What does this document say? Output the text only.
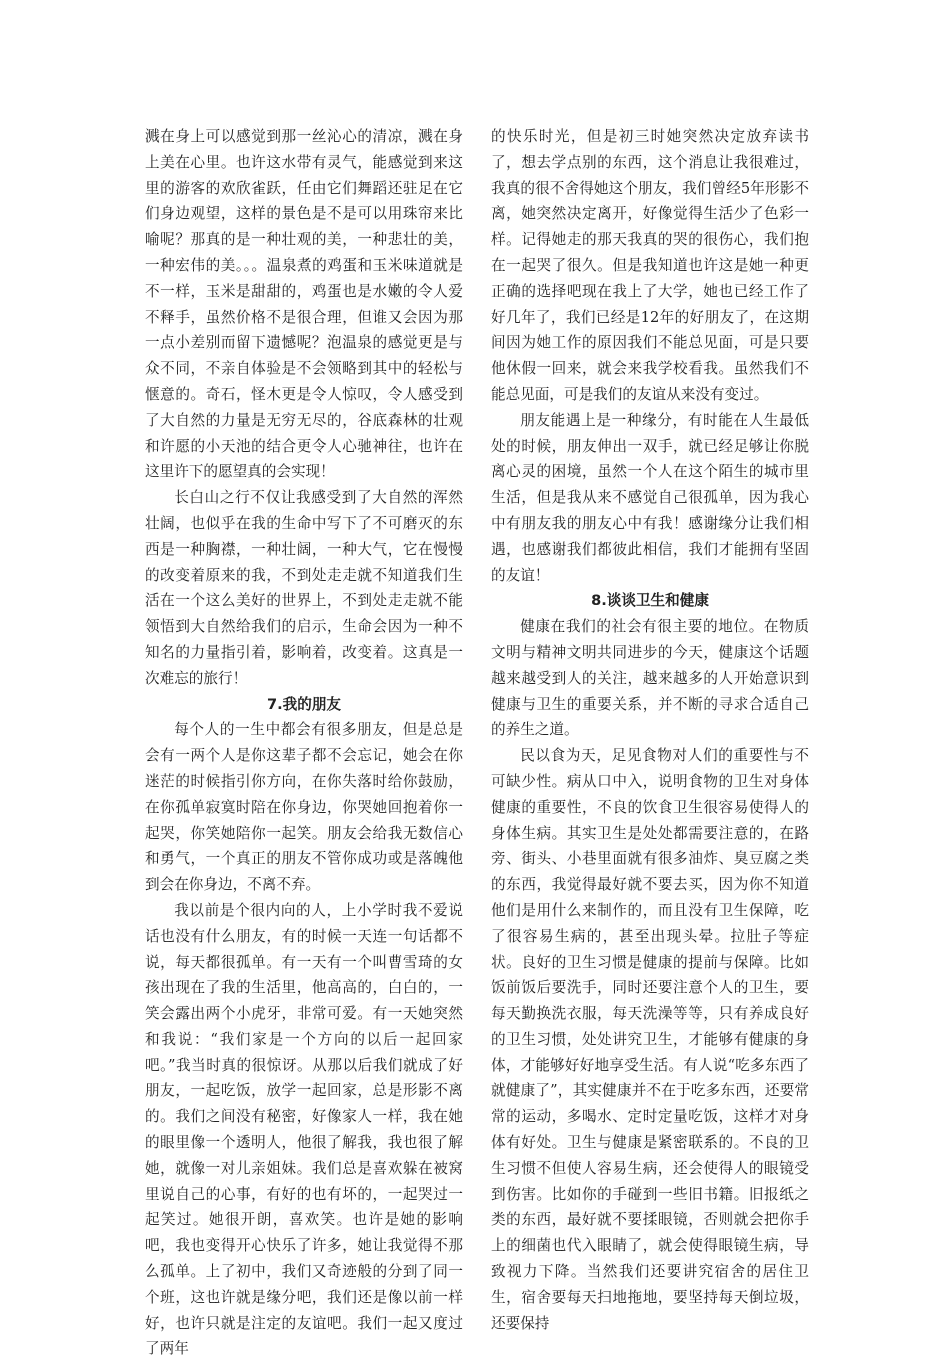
溅在身上可以感觉到那一丝沁心的清凉，溅在身上美在心里。也许这水带有灵气，能感觉到来这里的游客的欢欣雀跃，任由它们舞蹈还驻足在它们身边观望，这样的景色是不是可以用珠帘来比喻呢？那真的是一种壮观的美，一种悲壮的美，一种宏伟的美。。。温泉煮的鸡蛋和玉米味道就是不一样，玉米是甜甜的，鸡蛋也是水嫩的令人爱不释手，虽然价格不是很合理，但谁又会因为那一点小差别而留下遗憾呢？泡温泉的感觉更是与众不同，不亲自体验是不会领略到其中的轻松与惬意的。奇石，怪木更是令人惊叹，令人感受到了大自然的力量是无穷无尽的，谷底森林的壮观和许愿的小天池的结合更令人心驰神往，也许在这里许下的愿望真的会实现！

长白山之行不仅让我感受到了大自然的浑然壮阔，也似乎在我的生命中写下了不可磨灭的东西是一种胸襟，一种壮阔，一种大气，它在慢慢的改变着原来的我，不到处走走就不知道我们生活在一个这么美好的世界上，不到处走走就不能领悟到大自然给我们的启示，生命会因为一种不知名的力量指引着，影响着，改变着。这真是一次难忘的旅行！

7.我的朋友

每个人的一生中都会有很多朋友，但是总是会有一两个人是你这辈子都不会忘记，她会在你迷茫的时候指引你方向，在你失落时给你鼓励，在你孤单寂寞时陪在你身边，你哭她回抱着你一起哭，你笑她陪你一起笑。朋友会给我无数信心和勇气，一个真正的朋友不管你成功或是落魄他到会在你身边，不离不弃。

我以前是个很内向的人，上小学时我不爱说话也没有什么朋友，有的时候一天连一句话都不说，每天都很孤单。有一天有一个叫曹雪琦的女孩出现在了我的生活里，他高高的，白白的，一笑会露出两个小虎牙，非常可爱。有一天她突然和我说：“我们家是一个方向的以后一起回家吧。”我当时真的很惊讶。从那以后我们就成了好朋友，一起吃饭，放学一起回家，总是形影不离的。我们之间没有秘密，好像家人一样，我在她的眼里像一个透明人，他很了解我，我也很了解她，就像一对儿亲姐妹。我们总是喜欢躲在被窝里说自己的心事，有好的也有坏的，一起哭过一起笑过。她很开朗，喜欢笑。也许是她的影响吧，我也变得开心快乐了许多，她让我觉得不那么孤单。上了初中，我们又奇迹般的分到了同一个班，这也许就是缘分吧，我们还是像以前一样好，也许只就是注定的友谊吧。我们一起又度过了两年

的快乐时光，但是初三时她突然决定放弃读书了，想去学点别的东西，这个消息让我很难过，我真的很不舍得她这个朋友，我们曾经5年形影不离，她突然决定离开，好像觉得生活少了色彩一样。记得她走的那天我真的哭的很伤心，我们抱在一起哭了很久。但是我知道也许这是她一种更正确的选择吧现在我上了大学，她也已经工作了好几年了，我们已经是12年的好朋友了，在这期间因为她工作的原因我们不能总见面，可是只要他休假一回来，就会来我学校看我。虽然我们不能总见面，可是我们的友谊从来没有变过。

朋友能遇上是一种缘分，有时能在人生最低处的时候，朋友伸出一双手，就已经足够让你脱离心灵的困境，虽然一个人在这个陌生的城市里生活，但是我从来不感觉自己很孤单，因为我心中有朋友我的朋友心中有我！感谢缘分让我们相遇，也感谢我们都彼此相信，我们才能拥有坚固的友谊！

8.谈谈卫生和健康

健康在我们的社会有很主要的地位。在物质文明与精神文明共同进步的今天，健康这个话题越来越受到人的关注，越来越多的人开始意识到健康与卫生的重要关系，并不断的寻求合适自己的养生之道。

民以食为天，足见食物对人们的重要性与不可缺少性。病从口中入，说明食物的卫生对身体健康的重要性，不良的饮食卫生很容易使得人的身体生病。其实卫生是处处都需要注意的，在路旁、街头、小巷里面就有很多油炸、臭豆腐之类的东西，我觉得最好就不要去买，因为你不知道他们是用什么来制作的，而且没有卫生保障，吃了很容易生病的，甚至出现头晕。拉肚子等症状。良好的卫生习惯是健康的提前与保障。比如饭前饭后要洗手，同时还要注意个人的卫生，要每天勤换洗衣服，每天洗澡等等，只有养成良好的卫生习惯，处处讲究卫生，才能够有健康的身体，才能够好好地享受生活。有人说“吃多东西了就健康了”，其实健康并不在于吃多东西，还要常常的运动，多喝水、定时定量吃饭，这样才对身体有好处。卫生与健康是紧密联系的。不良的卫生习惯不但使人容易生病，还会使得人的眼镜受到伤害。比如你的手碰到一些旧书籍。旧报纸之类的东西，最好就不要揉眼镜，否则就会把你手上的细菌也代入眼睛了，就会使得眼镜生病，导致视力下降。当然我们还要讲究宿舍的居住卫生，宿舍要每天扫地拖地，要坚持每天倒垃圾，还要保持
